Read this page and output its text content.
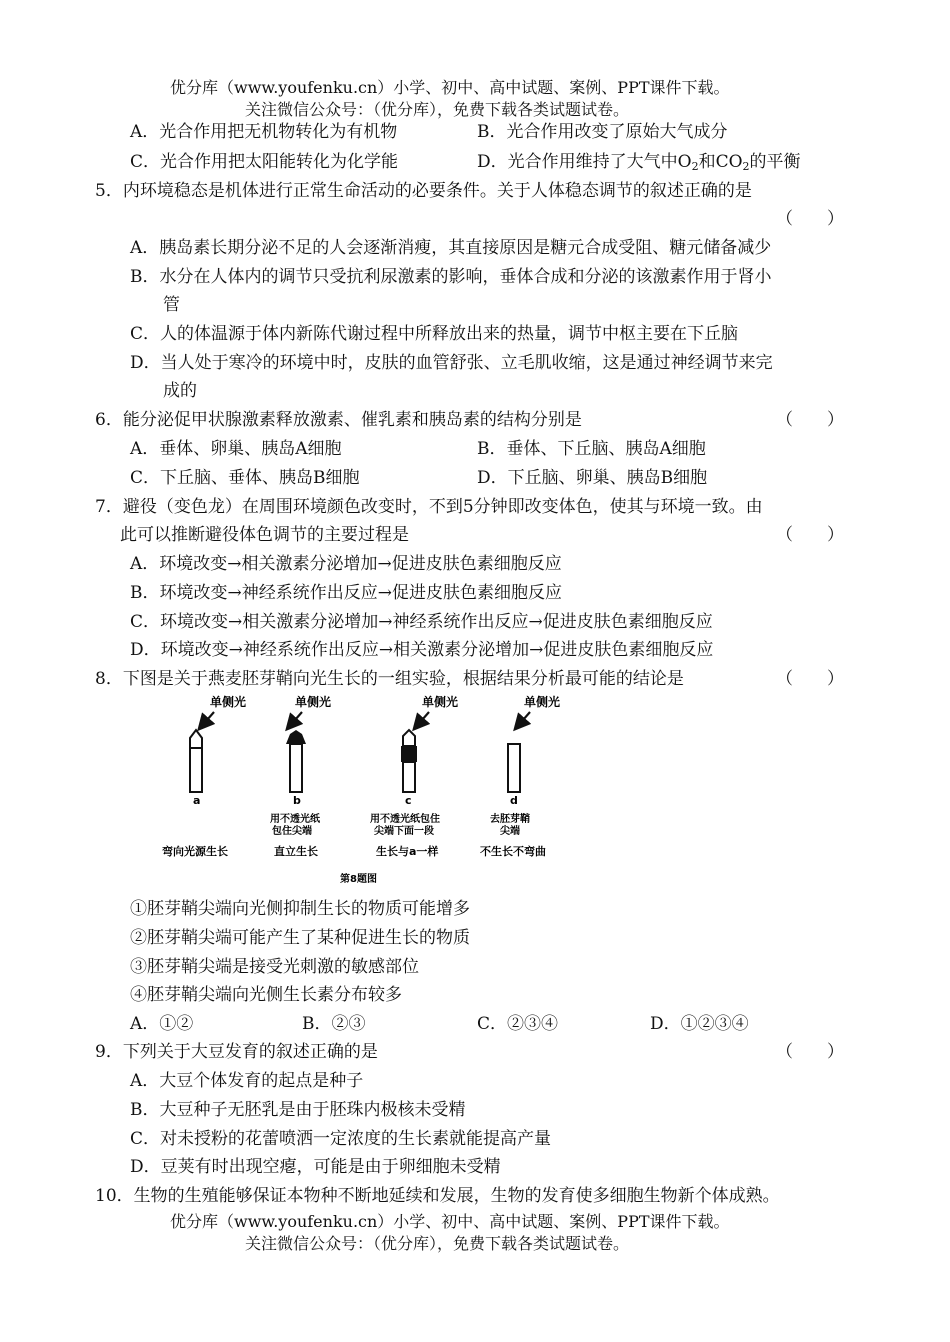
优分库（www.youfenku.cn）小学、初中、高中试题、案例、PPT课件下载。
关注微信公众号：（优分库），免费下载各类试题试卷。
A．光合作用把无机物转化为有机物	B．光合作用改变了原始大气成分
C．光合作用把太阳能转化为化学能	D．光合作用维持了大气中$O_2$和$CO_2$的平衡
5．内环境稳态是机体进行正常生命活动的必要条件。关于人体稳态调节的叙述正确的是
（　　）
A．胰岛素长期分泌不足的人会逐渐消瘦，其直接原因是糖元合成受阻、糖元储备减少
B．水分在人体内的调节只受抗利尿激素的影响，垂体合成和分泌的该激素作用于肾小
管
C．人的体温源于体内新陈代谢过程中所释放出来的热量，调节中枢主要在下丘脑
D．当人处于寒冷的环境中时，皮肤的血管舒张、立毛肌收缩，这是通过神经调节来完
成的
6．能分泌促甲状腺激素释放激素、催乳素和胰岛素的结构分别是	（　　）
A．垂体、卵巢、胰岛A细胞	B．垂体、下丘脑、胰岛A细胞
C．下丘脑、垂体、胰岛B细胞	D．下丘脑、卵巢、胰岛B细胞
7．避役（变色龙）在周围环境颜色改变时，不到5分钟即改变体色，使其与环境一致。由
此可以推断避役体色调节的主要过程是	（　　）
A．环境改变→相关激素分泌增加→促进皮肤色素细胞反应
B．环境改变→神经系统作出反应→促进皮肤色素细胞反应
C．环境改变→相关激素分泌增加→神经系统作出反应→促进皮肤色素细胞反应
D．环境改变→神经系统作出反应→相关激素分泌增加→促进皮肤色素细胞反应
8．下图是关于燕麦胚芽鞘向光生长的一组实验，根据结果分析最可能的结论是	（　　）
单侧光
a
弯向光源生长
单侧光
b
用不透光纸
包住尖端
直立生长
单侧光
c
用不透光纸包住
尖端下面一段
生长与a一样
单侧光
d
去胚芽鞘
尖端
不生长不弯曲
第8题图
①胚芽鞘尖端向光侧抑制生长的物质可能增多
②胚芽鞘尖端可能产生了某种促进生长的物质
③胚芽鞘尖端是接受光刺激的敏感部位
④胚芽鞘尖端向光侧生长素分布较多
A．①②	B．②③	C．②③④	D．①②③④
9．下列关于大豆发育的叙述正确的是	（　　）
A．大豆个体发育的起点是种子
B．大豆种子无胚乳是由于胚珠内极核未受精
C．对未授粉的花蕾喷洒一定浓度的生长素就能提高产量
D．豆荚有时出现空瘪，可能是由于卵细胞未受精
10．生物的生殖能够保证本物种不断地延续和发展，生物的发育使多细胞生物新个体成熟。
优分库（www.youfenku.cn）小学、初中、高中试题、案例、PPT课件下载。
关注微信公众号：（优分库），免费下载各类试题试卷。
